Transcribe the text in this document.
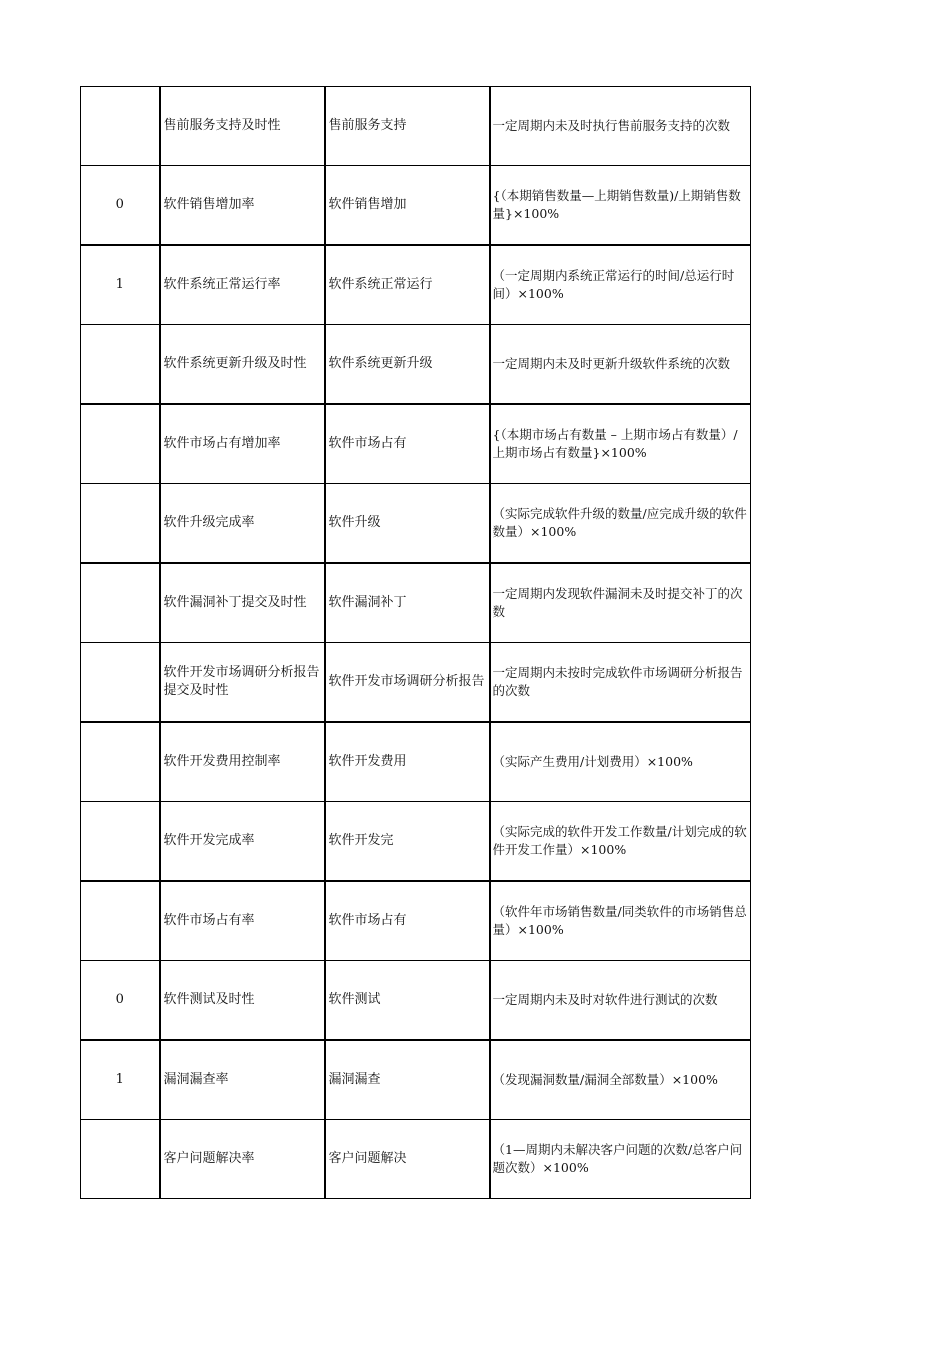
	售前服务支持及时性	售前服务支持	一定周期内未及时执行售前服务支持的次数
0	软件销售增加率	软件销售增加	{（本期销售数量—上期销售数量)/上期销售数量}×100%
1	软件系统正常运行率	软件系统正常运行	（一定周期内系统正常运行的时间/总运行时间）×100%
	软件系统更新升级及时性	软件系统更新升级	一定周期内未及时更新升级软件系统的次数
	软件市场占有增加率	软件市场占有	{（本期市场占有数量 – 上期市场占有数量）/上期市场占有数量}×100%
	软件升级完成率	软件升级	（实际完成软件升级的数量/应完成升级的软件数量）×100%
	软件漏洞补丁提交及时性	软件漏洞补丁	一定周期内发现软件漏洞未及时提交补丁的次数
	软件开发市场调研分析报告提交及时性	软件开发市场调研分析报告	一定周期内未按时完成软件市场调研分析报告的次数
	软件开发费用控制率	软件开发费用	（实际产生费用/计划费用）×100%
	软件开发完成率	软件开发完	（实际完成的软件开发工作数量/计划完成的软件开发工作量）×100%
	软件市场占有率	软件市场占有	（软件年市场销售数量/同类软件的市场销售总量）×100%
0	软件测试及时性	软件测试	一定周期内未及时对软件进行测试的次数
1	漏洞漏查率	漏洞漏查	（发现漏洞数量/漏洞全部数量）×100%
	客户问题解决率	客户问题解决	（1—周期内未解决客户问题的次数/总客户问题次数）×100%
